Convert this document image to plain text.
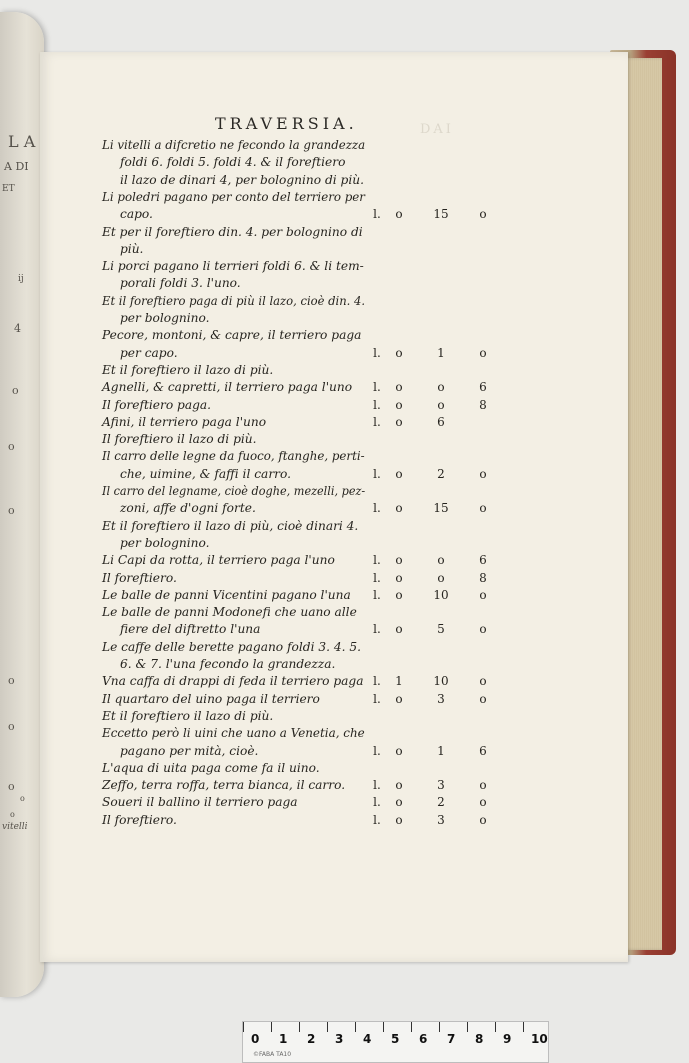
L A
A DI
ET
ij
4
o
o
o
o
o
o
o
o
vitelli
DAI
TRAVERSIA.
Li vitelli a difcretio ne fecondo la grandezza
foldi 6. foldi 5. foldi 4. & il foreftiero
il lazo de dinari 4, per bolognino di più.
Li poledri pagano per conto del terriero per
capo.	l. o	15	o
Et per il foreftiero din. 4. per bolognino di
più.
Li porci pagano li terrieri foldi 6. & li tem-
porali foldi 3. l'uno.
Et il foreftiero paga di più il lazo, cioè din. 4.
per bolognino.
Pecore, montoni, & capre, il terriero paga
per capo.	l. o	1	o
Et il foreftiero il lazo di più.
Agnelli, & capretti, il terriero paga l'uno l. o	o	6
Il foreftiero paga.	l. o	o	8
Afini, il terriero paga l'uno	l. o	6
Il foreftiero il lazo di più.
Il carro delle legne da fuoco, ftanghe, perti-
che, uimine, & faffi il carro.	l. o	2	o
Il carro del legname, cioè doghe, mezelli, pez-
zoni, affe d'ogni forte.	l. o	15	o
Et il foreftiero il lazo di più, cioè dinari 4.
per bolognino.
Li Capi da rotta, il terriero paga l'uno	l. o	o	6
Il foreftiero.	l. o	o	8
Le balle de panni Vicentini pagano l'una l. o	10	o
Le balle de panni Modonefi che uano alle
fiere del diftretto l'una	l. o	5	o
Le caffe delle berette pagano foldi 3. 4. 5.
6. & 7. l'una fecondo la grandezza.
Vna caffa di drappi di feda il terriero paga l. 1	10	o
Il quartaro del uino paga il terriero	l. o	3	o
Et il foreftiero il lazo di più.
Eccetto però li uini che uano a Venetia, che
pagano per mità, cioè.	l. o	1	6
L'aqua di uita paga come fa il uino.
Zeffo, terra roffa, terra bianca, il carro. l. o	3	o
Soueri il ballino il terriero paga	l. o	2	o
Il foreftiero.	l. o	3	o
0	1	2	3	4	5	6	7	8	9	10
©FABA TA10
